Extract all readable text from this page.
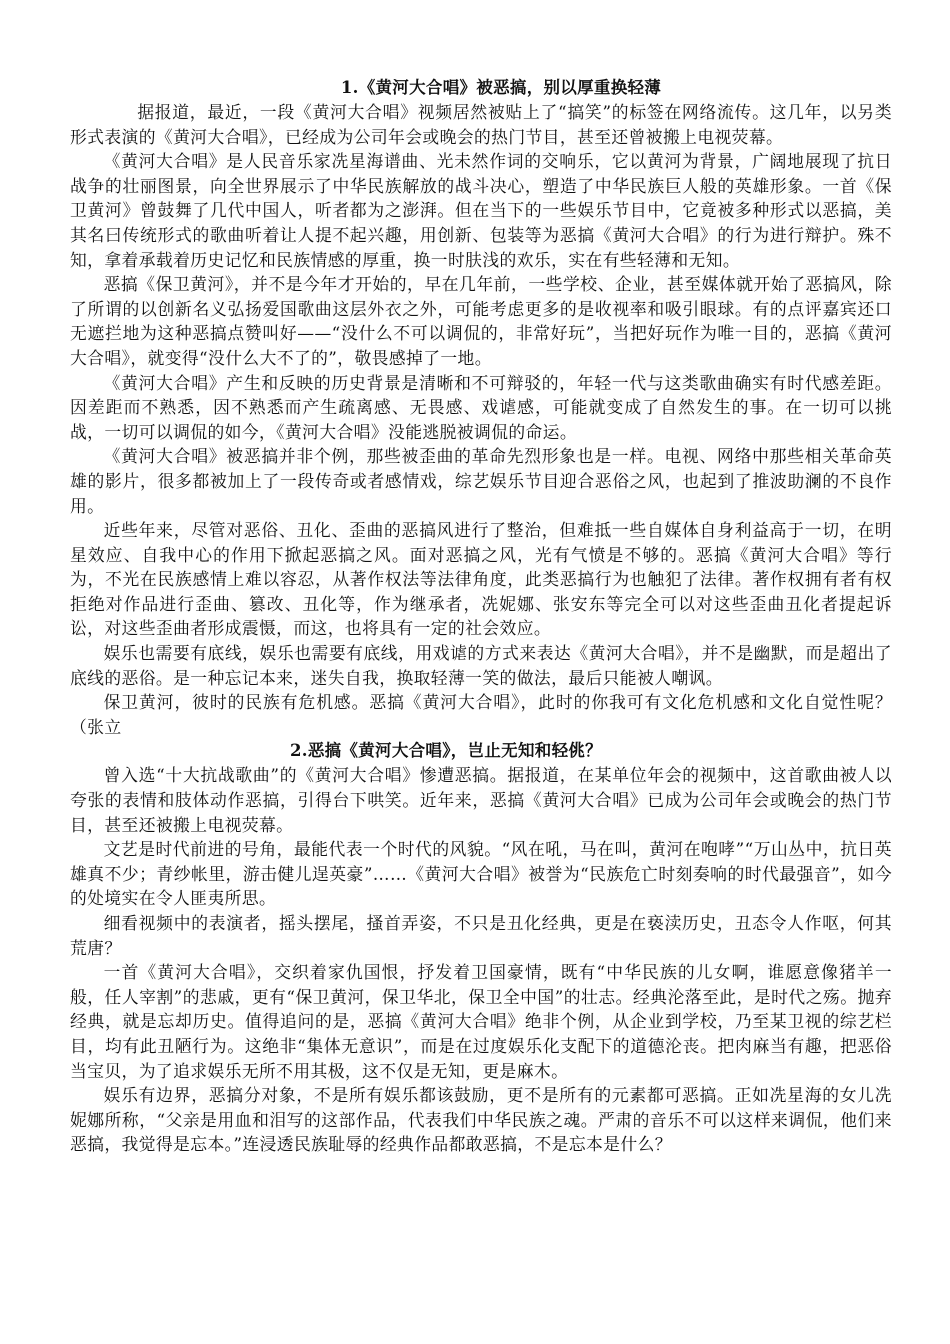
1.《黄河大合唱》被恶搞，别以厚重换轻薄

据报道，最近，一段《黄河大合唱》视频居然被贴上了“搞笑”的标签在网络流传。这几年，以另类形式表演的《黄河大合唱》，已经成为公司年会或晚会的热门节目，甚至还曾被搬上电视荧幕。

《黄河大合唱》是人民音乐家冼星海谱曲、光未然作词的交响乐，它以黄河为背景，广阔地展现了抗日战争的壮丽图景，向全世界展示了中华民族解放的战斗决心，塑造了中华民族巨人般的英雄形象。一首《保卫黄河》曾鼓舞了几代中国人，听者都为之澎湃。但在当下的一些娱乐节目中，它竟被多种形式以恶搞，美其名曰传统形式的歌曲听着让人提不起兴趣，用创新、包装等为恶搞《黄河大合唱》的行为进行辩护。殊不知，拿着承载着历史记忆和民族情感的厚重，换一时肤浅的欢乐，实在有些轻薄和无知。

恶搞《保卫黄河》，并不是今年才开始的，早在几年前，一些学校、企业，甚至媒体就开始了恶搞风，除了所谓的以创新名义弘扬爱国歌曲这层外衣之外，可能考虑更多的是收视率和吸引眼球。有的点评嘉宾还口无遮拦地为这种恶搞点赞叫好——“没什么不可以调侃的，非常好玩”，当把好玩作为唯一目的，恶搞《黄河大合唱》，就变得“没什么大不了的”，敬畏感掉了一地。

《黄河大合唱》产生和反映的历史背景是清晰和不可辩驳的，年轻一代与这类歌曲确实有时代感差距。因差距而不熟悉，因不熟悉而产生疏离感、无畏感、戏谑感，可能就变成了自然发生的事。在一切可以挑战，一切可以调侃的如今，《黄河大合唱》没能逃脱被调侃的命运。

《黄河大合唱》被恶搞并非个例，那些被歪曲的革命先烈形象也是一样。电视、网络中那些相关革命英雄的影片，很多都被加上了一段传奇或者感情戏，综艺娱乐节目迎合恶俗之风，也起到了推波助澜的不良作用。

近些年来，尽管对恶俗、丑化、歪曲的恶搞风进行了整治，但难抵一些自媒体自身利益高于一切，在明星效应、自我中心的作用下掀起恶搞之风。面对恶搞之风，光有气愤是不够的。恶搞《黄河大合唱》等行为，不光在民族感情上难以容忍，从著作权法等法律角度，此类恶搞行为也触犯了法律。著作权拥有者有权拒绝对作品进行歪曲、篡改、丑化等，作为继承者，冼妮娜、张安东等完全可以对这些歪曲丑化者提起诉讼，对这些歪曲者形成震慑，而这，也将具有一定的社会效应。

娱乐也需要有底线，娱乐也需要有底线，用戏谑的方式来表达《黄河大合唱》，并不是幽默，而是超出了底线的恶俗。是一种忘记本来，迷失自我，换取轻薄一笑的做法，最后只能被人嘲讽。

保卫黄河，彼时的民族有危机感。恶搞《黄河大合唱》，此时的你我可有文化危机感和文化自觉性呢？（张立

2.恶搞《黄河大合唱》，岂止无知和轻佻？

曾入选“十大抗战歌曲”的《黄河大合唱》惨遭恶搞。据报道，在某单位年会的视频中，这首歌曲被人以夸张的表情和肢体动作恶搞，引得台下哄笑。近年来，恶搞《黄河大合唱》已成为公司年会或晚会的热门节目，甚至还被搬上电视荧幕。

文艺是时代前进的号角，最能代表一个时代的风貌。“风在吼，马在叫，黄河在咆哮”“万山丛中，抗日英雄真不少；青纱帐里，游击健儿逞英豪”……《黄河大合唱》被誉为“民族危亡时刻奏响的时代最强音”，如今的处境实在令人匪夷所思。

细看视频中的表演者，摇头摆尾，搔首弄姿，不只是丑化经典，更是在亵渎历史，丑态令人作呕，何其荒唐？

一首《黄河大合唱》，交织着家仇国恨，抒发着卫国豪情，既有“中华民族的儿女啊，谁愿意像猪羊一般，任人宰割”的悲戚，更有“保卫黄河，保卫华北，保卫全中国”的壮志。经典沦落至此，是时代之殇。抛弃经典，就是忘却历史。值得追问的是，恶搞《黄河大合唱》绝非个例，从企业到学校，乃至某卫视的综艺栏目，均有此丑陋行为。这绝非“集体无意识”，而是在过度娱乐化支配下的道德沦丧。把肉麻当有趣，把恶俗当宝贝，为了追求娱乐无所不用其极，这不仅是无知，更是麻木。

娱乐有边界，恶搞分对象，不是所有娱乐都该鼓励，更不是所有的元素都可恶搞。正如冼星海的女儿冼妮娜所称，“父亲是用血和泪写的这部作品，代表我们中华民族之魂。严肃的音乐不可以这样来调侃，他们来恶搞，我觉得是忘本。”连浸透民族耻辱的经典作品都敢恶搞，不是忘本是什么？
